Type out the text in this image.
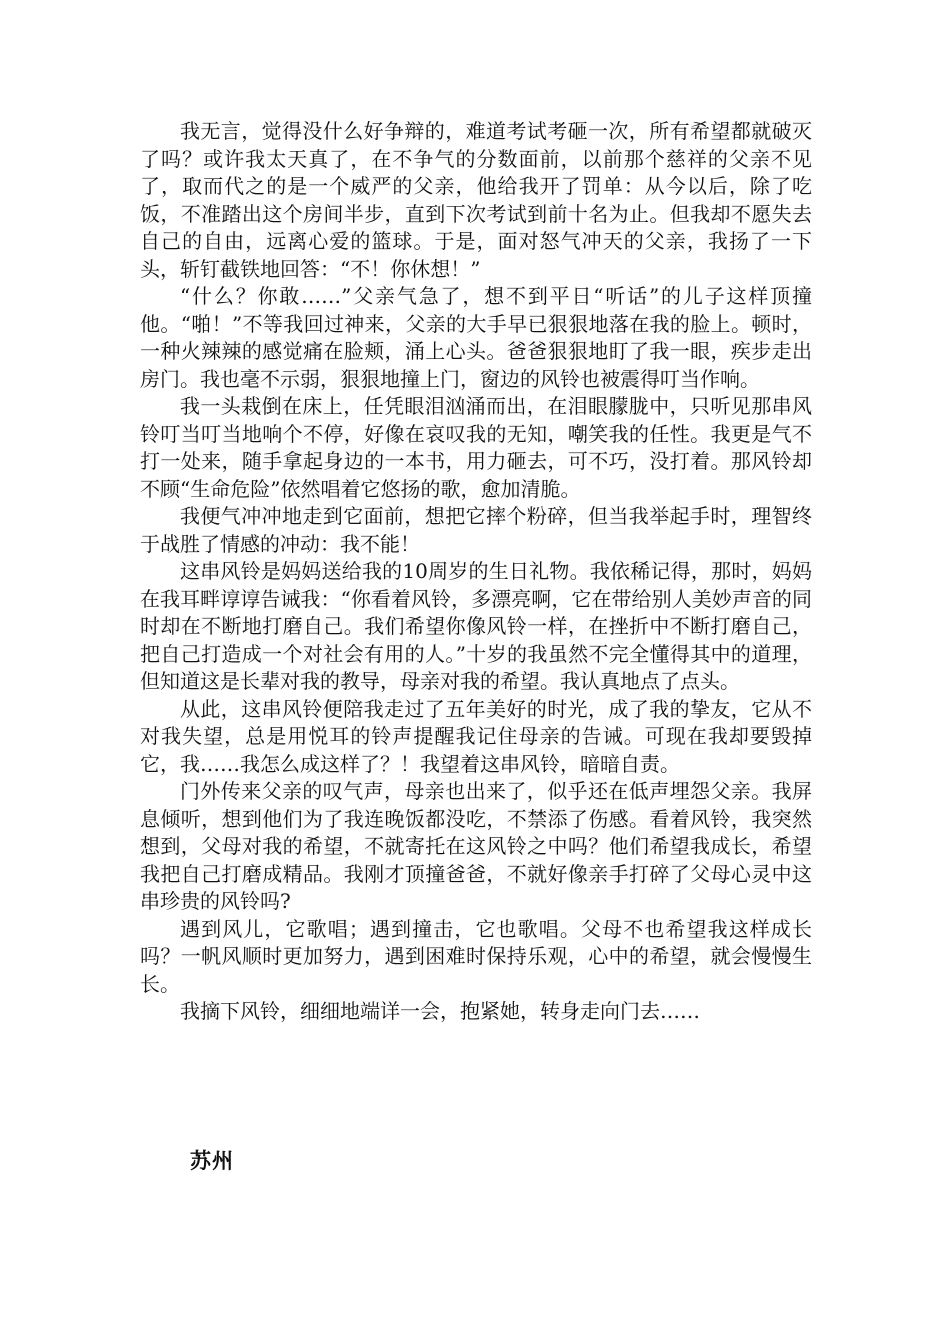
我无言，觉得没什么好争辩的，难道考试考砸一次，所有希望都就破灭了吗？或许我太天真了，在不争气的分数面前，以前那个慈祥的父亲不见了，取而代之的是一个威严的父亲，他给我开了罚单：从今以后，除了吃饭，不准踏出这个房间半步，直到下次考试到前十名为止。但我却不愿失去自己的自由，远离心爱的篮球。于是，面对怒气冲天的父亲，我扬了一下头，斩钉截铁地回答：“不！你休想！”

“什么？你敢……”父亲气急了，想不到平日“听话”的儿子这样顶撞他。“啪！”不等我回过神来，父亲的大手早已狠狠地落在我的脸上。顿时，一种火辣辣的感觉痛在脸颊，涌上心头。爸爸狠狠地盯了我一眼，疾步走出房门。我也毫不示弱，狠狠地撞上门，窗边的风铃也被震得叮当作响。

我一头栽倒在床上，任凭眼泪汹涌而出，在泪眼朦胧中，只听见那串风铃叮当叮当地响个不停，好像在哀叹我的无知，嘲笑我的任性。我更是气不打一处来，随手拿起身边的一本书，用力砸去，可不巧，没打着。那风铃却不顾“生命危险”依然唱着它悠扬的歌，愈加清脆。

我便气冲冲地走到它面前，想把它摔个粉碎，但当我举起手时，理智终于战胜了情感的冲动：我不能！

这串风铃是妈妈送给我的10周岁的生日礼物。我依稀记得，那时，妈妈在我耳畔谆谆告诫我：“你看着风铃，多漂亮啊，它在带给别人美妙声音的同时却在不断地打磨自己。我们希望你像风铃一样，在挫折中不断打磨自己，把自己打造成一个对社会有用的人。”十岁的我虽然不完全懂得其中的道理，但知道这是长辈对我的教导，母亲对我的希望。我认真地点了点头。

从此，这串风铃便陪我走过了五年美好的时光，成了我的挚友，它从不对我失望，总是用悦耳的铃声提醒我记住母亲的告诫。可现在我却要毁掉它，我……我怎么成这样了？！我望着这串风铃，暗暗自责。

门外传来父亲的叹气声，母亲也出来了，似乎还在低声埋怨父亲。我屏息倾听，想到他们为了我连晚饭都没吃，不禁添了伤感。看着风铃，我突然想到，父母对我的希望，不就寄托在这风铃之中吗？他们希望我成长，希望我把自己打磨成精品。我刚才顶撞爸爸，不就好像亲手打碎了父母心灵中这串珍贵的风铃吗?

遇到风儿，它歌唱；遇到撞击，它也歌唱。父母不也希望我这样成长吗？一帆风顺时更加努力，遇到困难时保持乐观，心中的希望，就会慢慢生长。

我摘下风铃，细细地端详一会，抱紧她，转身走向门去……

苏州
